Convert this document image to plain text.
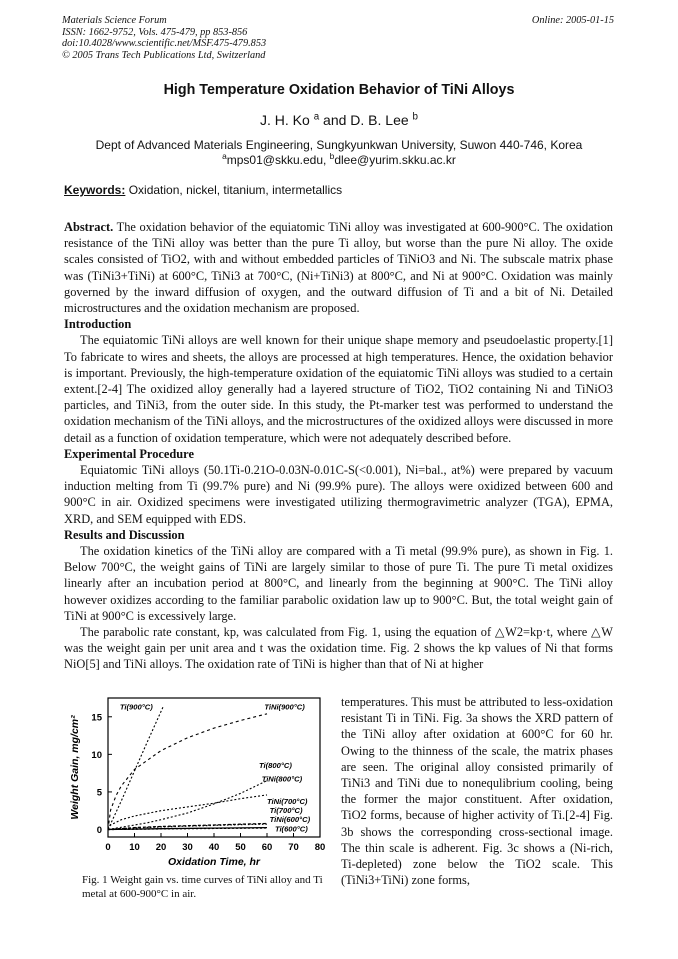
Materials Science Forum
ISSN: 1662-9752, Vols. 475-479, pp 853-856
doi:10.4028/www.scientific.net/MSF.475-479.853
© 2005 Trans Tech Publications Ltd, Switzerland
Online: 2005-01-15
High Temperature Oxidation Behavior of TiNi Alloys
J. H. Ko $^a$ and D. B. Lee $^b$
Dept of Advanced Materials Engineering, Sungkyunkwan University, Suwon 440-746, Korea
$^a$mps01@skku.edu, $^b$dlee@yurim.skku.ac.kr
Keywords: Oxidation, nickel, titanium, intermetallics

Abstract. The oxidation behavior of the equiatomic TiNi alloy was investigated at 600-900°C. The oxidation resistance of the TiNi alloy was better than the pure Ti alloy, but worse than the pure Ni alloy. The oxide scales consisted of TiO2, with and without embedded particles of TiNiO3 and Ni. The subscale matrix phase was (TiNi3+TiNi) at 600°C, TiNi3 at 700°C, (Ni+TiNi3) at 800°C, and Ni at 900°C. Oxidation was mainly governed by the inward diffusion of oxygen, and the outward diffusion of Ti and a bit of Ni. Detailed microstructures and the oxidation mechanism are proposed.

Introduction

The equiatomic TiNi alloys are well known for their unique shape memory and pseudoelastic property.[1] To fabricate to wires and sheets, the alloys are processed at high temperatures. Hence, the oxidation behavior is important. Previously, the high-temperature oxidation of the equiatomic TiNi alloys was studied to a certain extent.[2-4] The oxidized alloy generally had a layered structure of TiO2, TiO2 containing Ni and TiNiO3 particles, and TiNi3, from the outer side. In this study, the Pt-marker test was performed to understand the oxidation mechanism of the TiNi alloys, and the microstructures of the oxidized alloys were discussed in more detail as a function of oxidation temperature, which were not adequately described before.

Experimental Procedure

Equiatomic TiNi alloys (50.1Ti-0.21O-0.03N-0.01C-S(<0.001), Ni=bal., at%) were prepared by vacuum induction melting from Ti (99.7% pure) and Ni (99.9% pure). The alloys were oxidized between 600 and 900°C in air. Oxidized specimens were investigated utilizing thermogravimetric analyzer (TGA), EPMA, XRD, and SEM equipped with EDS.

Results and Discussion

The oxidation kinetics of the TiNi alloy are compared with a Ti metal (99.9% pure), as shown in Fig. 1. Below 700°C, the weight gains of TiNi are largely similar to those of pure Ti. The pure Ti metal oxidizes linearly after an incubation period at 800°C, and linearly from the beginning at 900°C. The TiNi alloy however oxidizes according to the familiar parabolic oxidation law up to 900°C. But, the total weight gain of TiNi at 900°C is excessively large.

The parabolic rate constant, kp, was calculated from Fig. 1, using the equation of △W2=kp·t, where △W was the weight gain per unit area and t was the oxidation time. Fig. 2 shows the kp values of Ni that forms NiO[5] and TiNi alloys. The oxidation rate of TiNi is higher than that of Ni at higher

temperatures. This must be attributed to less-oxidation resistant Ti in TiNi. Fig. 3a shows the XRD pattern of the TiNi alloy after oxidation at 600°C for 60 hr. Owing to the thinness of the scale, the matrix phases are seen. The original alloy consisted primarily of TiNi3 and TiNi due to nonequlibrium cooling, being the former the major constituent. After oxidation, TiO2 forms, because of higher activity of Ti.[2-4] Fig. 3b shows the corresponding cross-sectional image. The thin scale is adherent. Fig. 3c shows a (Ni-rich, Ti-depleted) zone below the TiO2 scale. This (TiNi3+TiNi) zone forms,
0 10 20 30 40 50 60 70 80
0
5
10
15
Oxidation Time, hr
Weight Gain, mg/cm²
Ti(900°C)	TiNi(900°C)
Ti(800°C)
TiNi(800°C)
TiNi(700°C)
Ti(700°C)
TiNi(600°C)
Ti(600°C)
Fig. 1 Weight gain vs. time curves of TiNi alloy and Ti metal at 600-900°C in air.
